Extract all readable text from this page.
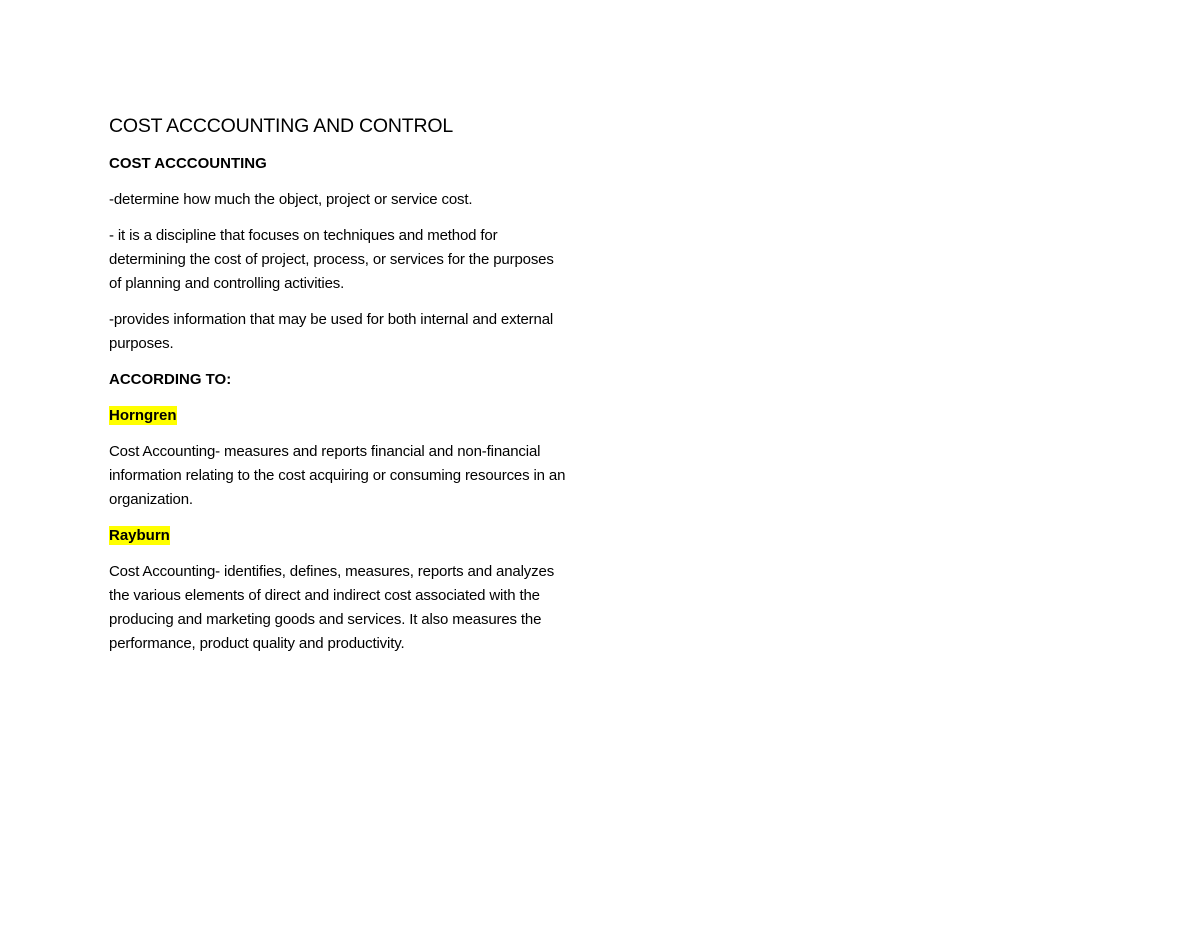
COST ACCCOUNTING AND CONTROL
COST ACCCOUNTING

-determine how much the object, project or service cost.

- it is a discipline that focuses on techniques and method for determining the cost of project, process, or services for the purposes of planning and controlling activities.

-provides information that may be used for both internal and external purposes.

ACCORDING TO:
Horngren

Cost Accounting- measures and reports financial and non-financial information relating to the cost acquiring or consuming resources in an organization.

Rayburn

Cost Accounting- identifies, defines, measures, reports and analyzes the various elements of direct and indirect cost associated with the producing and marketing goods and services. It also measures the performance, product quality and productivity.
